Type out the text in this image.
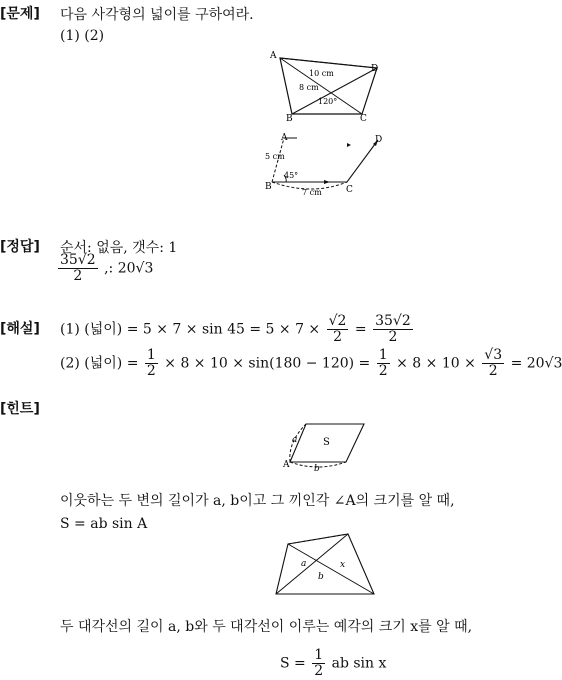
[문제] 다음 사각형의 넓이를 구하여라.
(1) (2)
A
D
B	C
10 cm
8 cm
120°
A	D
B	C
5 cm
7 cm
45°
[정답] 순서: 없음, 갯수: 1
$\frac{35√2}{2}$ ,: 20√3
[해설] (1) (넓이) = $5 \times 7 \times \sin 45 = 5 \times 7 \times \frac{√2}{2} = \frac{35√2}{2}$
(2) (넓이) = $\frac{1}{2} \times 8 \times 10 \times \sin(180 - 120) = \frac{1}{2} \times 8 \times 10 \times \frac{√3}{2} = 20√3$
[힌트]
a
b
S
A
이웃하는 두 변의 길이가 a, b이고 그 끼인각 ∠A의 크기를 알 때,
S = ab sin A
a
b
x
두 대각선의 길이 a, b와 두 대각선이 이루는 예각의 크기 x를 알 때,
$S = \frac{1}{2}$ ab sin x
